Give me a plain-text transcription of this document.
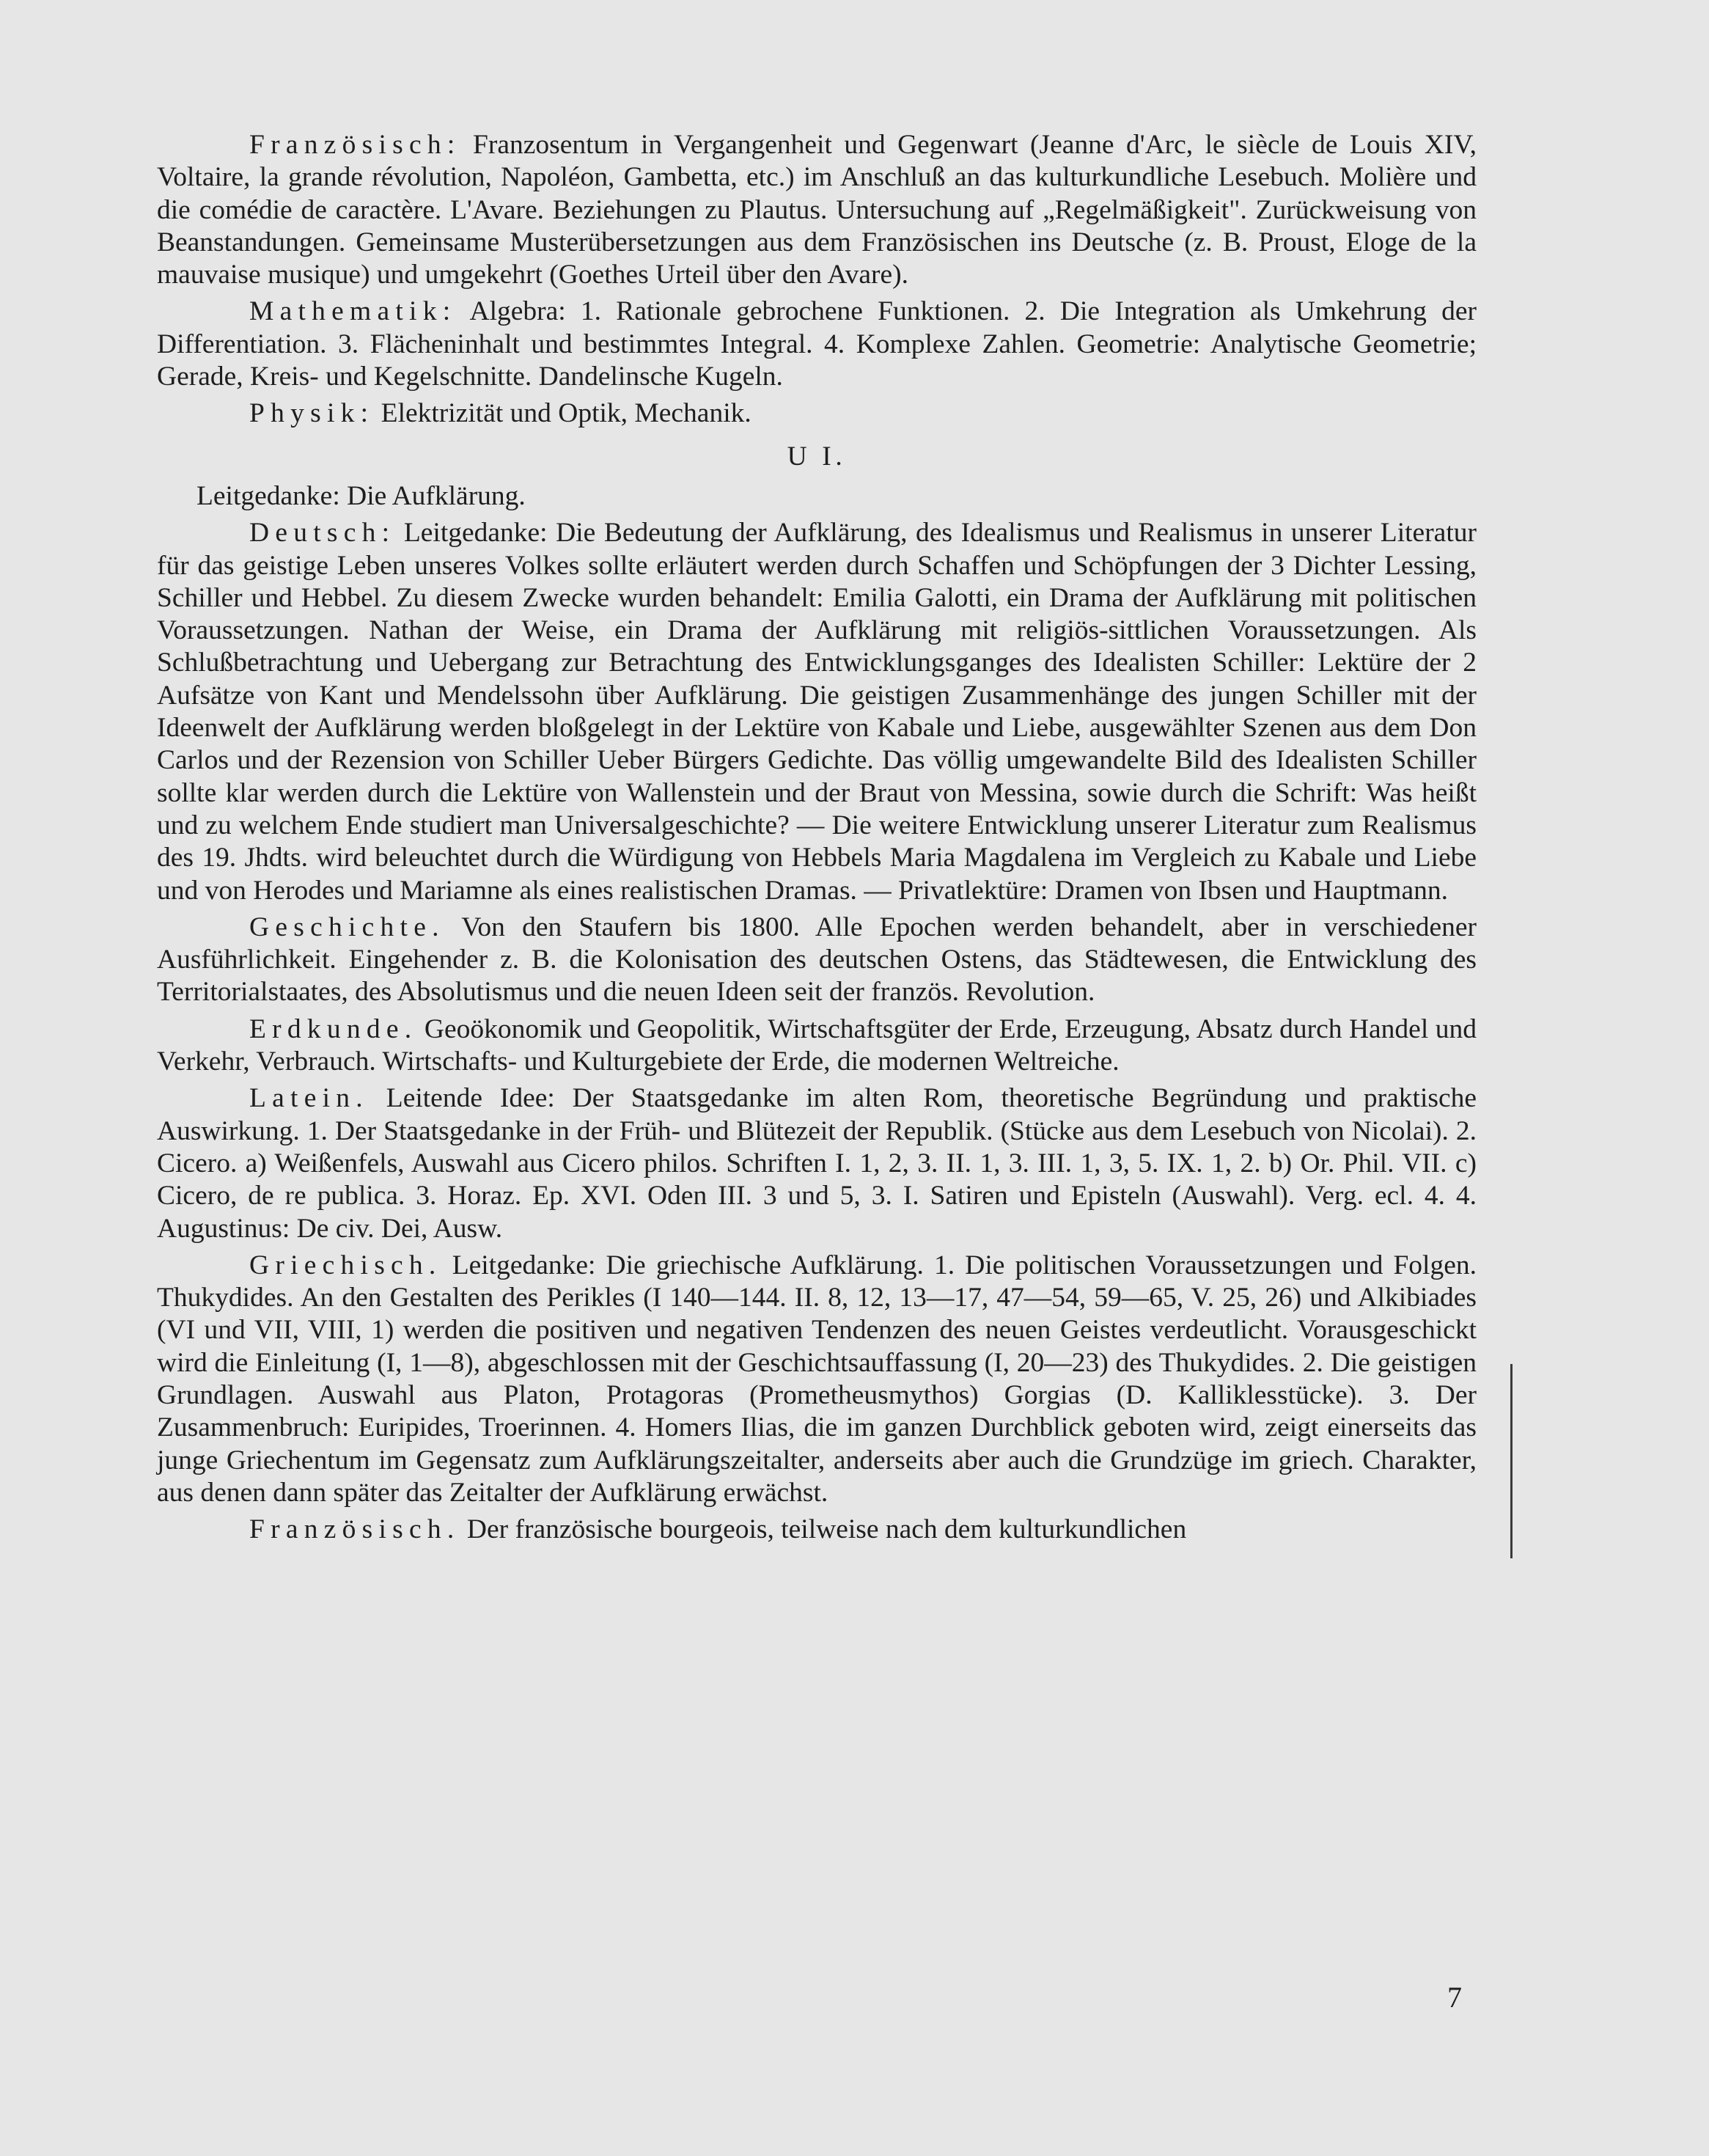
Französisch: Franzosentum in Vergangenheit und Gegenwart (Jeanne d'Arc, le siècle de Louis XIV, Voltaire, la grande révolution, Napoléon, Gambetta, etc.) im Anschluß an das kulturkundliche Lesebuch. Molière und die comédie de caractère. L'Avare. Beziehungen zu Plautus. Untersuchung auf „Regelmäßigkeit". Zurückweisung von Beanstandungen. Gemeinsame Musterübersetzungen aus dem Französischen ins Deutsche (z. B. Proust, Eloge de la mauvaise musique) und umgekehrt (Goethes Urteil über den Avare).

Mathematik: Algebra: 1. Rationale gebrochene Funktionen. 2. Die Integration als Umkehrung der Differentiation. 3. Flächeninhalt und bestimmtes Integral. 4. Komplexe Zahlen. Geometrie: Analytische Geometrie; Gerade, Kreis- und Kegelschnitte. Dandelinsche Kugeln.

Physik: Elektrizität und Optik, Mechanik.

U I.

Leitgedanke: Die Aufklärung.

Deutsch: Leitgedanke: Die Bedeutung der Aufklärung, des Idealismus und Realismus in unserer Literatur für das geistige Leben unseres Volkes sollte erläutert werden durch Schaffen und Schöpfungen der 3 Dichter Lessing, Schiller und Hebbel. Zu diesem Zwecke wurden behandelt: Emilia Galotti, ein Drama der Aufklärung mit politischen Voraussetzungen. Nathan der Weise, ein Drama der Aufklärung mit religiös-sittlichen Voraussetzungen. Als Schlußbetrachtung und Uebergang zur Betrachtung des Entwicklungsganges des Idealisten Schiller: Lektüre der 2 Aufsätze von Kant und Mendelssohn über Aufklärung. Die geistigen Zusammenhänge des jungen Schiller mit der Ideenwelt der Aufklärung werden bloßgelegt in der Lektüre von Kabale und Liebe, ausgewählter Szenen aus dem Don Carlos und der Rezension von Schiller Ueber Bürgers Gedichte. Das völlig umgewandelte Bild des Idealisten Schiller sollte klar werden durch die Lektüre von Wallenstein und der Braut von Messina, sowie durch die Schrift: Was heißt und zu welchem Ende studiert man Universalgeschichte? — Die weitere Entwicklung unserer Literatur zum Realismus des 19. Jhdts. wird beleuchtet durch die Würdigung von Hebbels Maria Magdalena im Vergleich zu Kabale und Liebe und von Herodes und Mariamne als eines realistischen Dramas. — Privatlektüre: Dramen von Ibsen und Hauptmann.

Geschichte. Von den Staufern bis 1800. Alle Epochen werden behandelt, aber in verschiedener Ausführlichkeit. Eingehender z. B. die Kolonisation des deutschen Ostens, das Städtewesen, die Entwicklung des Territorialstaates, des Absolutismus und die neuen Ideen seit der französ. Revolution.

Erdkunde. Geoökonomik und Geopolitik, Wirtschaftsgüter der Erde, Erzeugung, Absatz durch Handel und Verkehr, Verbrauch. Wirtschafts- und Kulturgebiete der Erde, die modernen Weltreiche.

Latein. Leitende Idee: Der Staatsgedanke im alten Rom, theoretische Begründung und praktische Auswirkung. 1. Der Staatsgedanke in der Früh- und Blütezeit der Republik. (Stücke aus dem Lesebuch von Nicolai). 2. Cicero. a) Weißenfels, Auswahl aus Cicero philos. Schriften I. 1, 2, 3. II. 1, 3. III. 1, 3, 5. IX. 1, 2. b) Or. Phil. VII. c) Cicero, de re publica. 3. Horaz. Ep. XVI. Oden III. 3 und 5, 3. I. Satiren und Episteln (Auswahl). Verg. ecl. 4. 4. Augustinus: De civ. Dei, Ausw.

Griechisch. Leitgedanke: Die griechische Aufklärung. 1. Die politischen Voraussetzungen und Folgen. Thukydides. An den Gestalten des Perikles (I 140—144. II. 8, 12, 13—17, 47—54, 59—65, V. 25, 26) und Alkibiades (VI und VII, VIII, 1) werden die positiven und negativen Tendenzen des neuen Geistes verdeutlicht. Vorausgeschickt wird die Einleitung (I, 1—8), abgeschlossen mit der Geschichtsauffassung (I, 20—23) des Thukydides. 2. Die geistigen Grundlagen. Auswahl aus Platon, Protagoras (Prometheusmythos) Gorgias (D. Kalliklesstücke). 3. Der Zusammenbruch: Euripides, Troerinnen. 4. Homers Ilias, die im ganzen Durchblick geboten wird, zeigt einerseits das junge Griechentum im Gegensatz zum Aufklärungszeitalter, anderseits aber auch die Grundzüge im griech. Charakter, aus denen dann später das Zeitalter der Aufklärung erwächst.

Französisch. Der französische bourgeois, teilweise nach dem kulturkundlichen

7
